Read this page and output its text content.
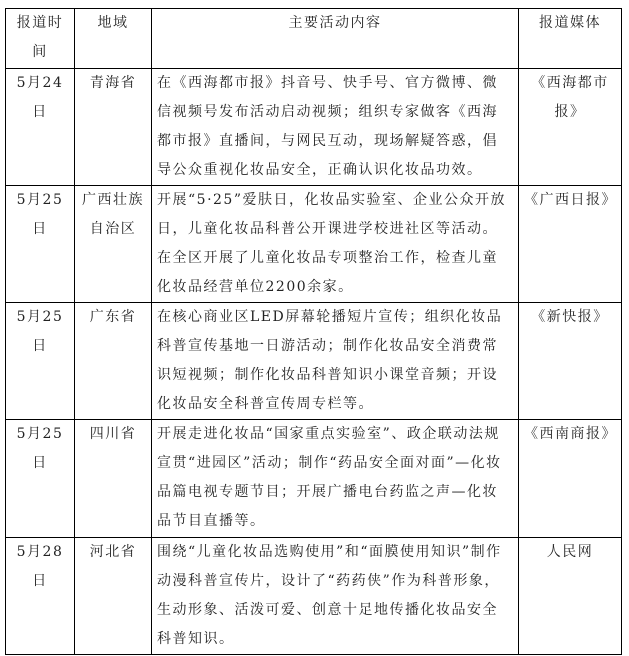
报道时间	地域	主要活动内容	报道媒体
5月24日	青海省	在《西海都市报》抖音号、快手号、官方微博、微信视频号发布活动启动视频；组织专家做客《西海都市报》直播间，与网民互动，现场解疑答惑，倡导公众重视化妆品安全，正确认识化妆品功效。	《西海都市报》
5月25日	广西壮族自治区	开展“5·25”爱肤日，化妆品实验室、企业公众开放日，儿童化妆品科普公开课进学校进社区等活动。在全区开展了儿童化妆品专项整治工作，检查儿童化妆品经营单位2200余家。	《广西日报》
5月25日	广东省	在核心商业区LED屏幕轮播短片宣传；组织化妆品科普宣传基地一日游活动；制作化妆品安全消费常识短视频；制作化妆品科普知识小课堂音频；开设化妆品安全科普宣传周专栏等。	《新快报》
5月25日	四川省	开展走进化妆品“国家重点实验室”、政企联动法规宣贯“进园区”活动；制作“药品安全面对面”—化妆品篇电视专题节目；开展广播电台药监之声—化妆品节目直播等。	《西南商报》
5月28日	河北省	围绕“儿童化妆品选购使用”和“面膜使用知识”制作动漫科普宣传片，设计了“药药侠”作为科普形象，生动形象、活泼可爱、创意十足地传播化妆品安全科普知识。	人民网
